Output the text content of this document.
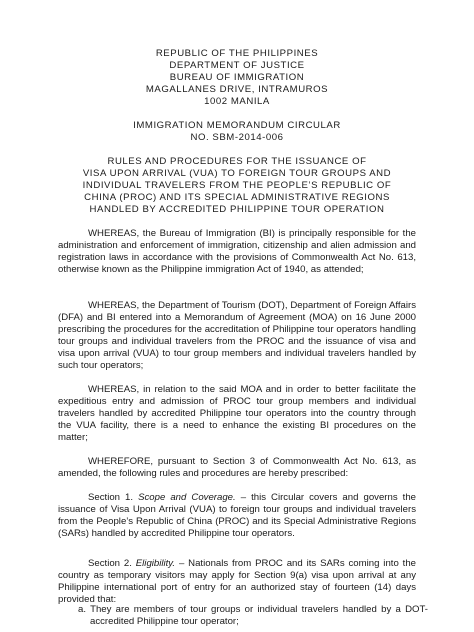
REPUBLIC OF THE PHILIPPINES
DEPARTMENT OF JUSTICE
BUREAU OF IMMIGRATION
MAGALLANES DRIVE, INTRAMUROS
1002 MANILA
IMMIGRATION MEMORANDUM CIRCULAR
NO. SBM-2014-006
RULES AND PROCEDURES FOR THE ISSUANCE OF
VISA UPON ARRIVAL (VUA) TO FOREIGN TOUR GROUPS AND
INDIVIDUAL TRAVELERS FROM THE PEOPLE’S REPUBLIC OF
CHINA (PROC) AND ITS SPECIAL ADMINISTRATIVE REGIONS
HANDLED BY ACCREDITED PHILIPPINE TOUR OPERATION

WHEREAS, the Bureau of Immigration (BI) is principally responsible for the administration and enforcement of immigration, citizenship and alien admission and registration laws in accordance with the provisions of Commonwealth Act No. 613, otherwise known as the Philippine immigration Act of 1940, as attended;

WHEREAS, the Department of Tourism (DOT), Department of Foreign Affairs (DFA) and BI entered into a Memorandum of Agreement (MOA) on 16 June 2000 prescribing the procedures for the accreditation of Philippine tour operators handling tour groups and individual travelers from the PROC and the issuance of visa and visa upon arrival (VUA) to tour group members and individual travelers handled by such tour operators;

WHEREAS, in relation to the said MOA and in order to better facilitate the expeditious entry and admission of PROC tour group members and individual travelers handled by accredited Philippine tour operators into the country through the VUA facility, there is a need to enhance the existing BI procedures on the matter;

WHEREFORE, pursuant to Section 3 of Commonwealth Act No. 613, as amended, the following rules and procedures are hereby prescribed:

Section 1. Scope and Coverage. – this Circular covers and governs the issuance of Visa Upon Arrival (VUA) to foreign tour groups and individual travelers from the People’s Republic of China (PROC) and its Special Administrative Regions (SARs) handled by accredited Philippine tour operators.

Section 2. Eligibility. – Nationals from PROC and its SARs coming into the country as temporary visitors may apply for Section 9(a) visa upon arrival at any Philippine international port of entry for an authorized stay of fourteen (14) days provided that:

a. They are members of tour groups or individual travelers handled by a DOT- accredited Philippine tour operator;
